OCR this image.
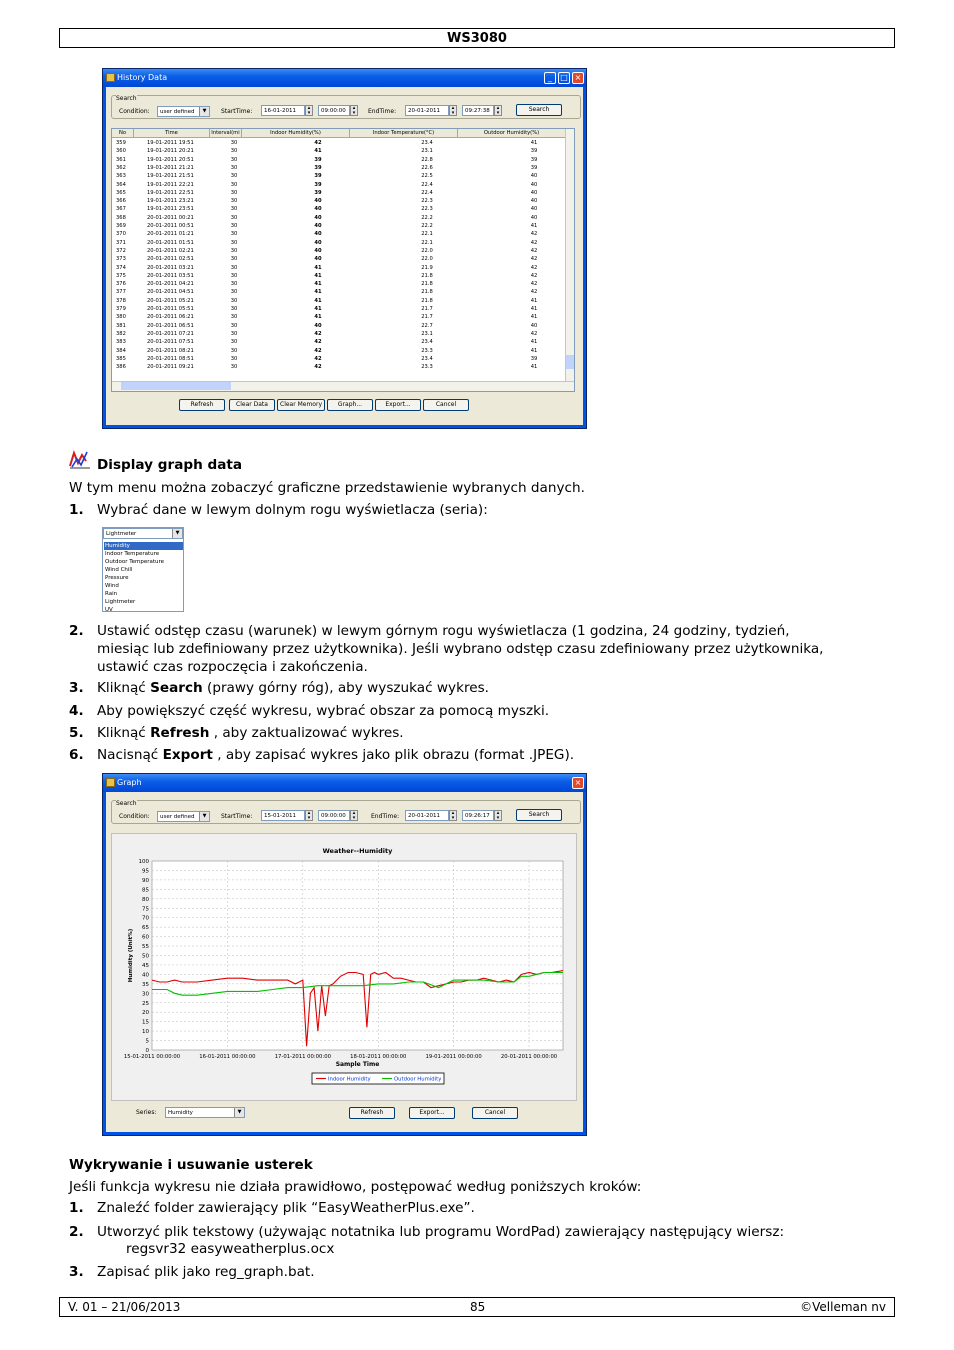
WS3080
History Data	_	□ ×
Search
Condition: user defined	▼	StartTime: 16-01-2011	▴
▾	09:00:00	▴
▾	EndTime: 20-01-2011	▴
▾	09:27:38	▴
▾	Search
No	Time	Interval(mi	Indoor Humidity(%)	Indoor Temperature(°C)	Outdoor Humidity(%)
359	19-01-2011 19:51	30	42	23.4	41
360	19-01-2011 20:21	30	41	23.1	39
361	19-01-2011 20:51	30	39	22.8	39
362	19-01-2011 21:21	30	39	22.6	39
363	19-01-2011 21:51	30	39	22.5	40
364	19-01-2011 22:21	30	39	22.4	40
365	19-01-2011 22:51	30	39	22.4	40
366	19-01-2011 23:21	30	40	22.3	40
367	19-01-2011 23:51	30	40	22.3	40
368	20-01-2011 00:21	30	40	22.2	40
369	20-01-2011 00:51	30	40	22.2	41
370	20-01-2011 01:21	30	40	22.1	42
371	20-01-2011 01:51	30	40	22.1	42
372	20-01-2011 02:21	30	40	22.0	42
373	20-01-2011 02:51	30	40	22.0	42
374	20-01-2011 03:21	30	41	21.9	42
375	20-01-2011 03:51	30	41	21.8	42
376	20-01-2011 04:21	30	41	21.8	42
377	20-01-2011 04:51	30	41	21.8	42
378	20-01-2011 05:21	30	41	21.8	41
379	20-01-2011 05:51	30	41	21.7	41
380	20-01-2011 06:21	30	41	21.7	41
381	20-01-2011 06:51	30	40	22.7	40
382	20-01-2011 07:21	30	42	23.1	42
383	20-01-2011 07:51	30	42	23.4	41
384	20-01-2011 08:21	30	42	23.3	41
385	20-01-2011 08:51	30	42	23.4	39
386	20-01-2011 09:21	30	42	23.3	41
Refresh	Clear Data	Clear Memory	Graph...	Export...	Cancel
Display graph data
W tym menu można zobaczyć graficzne przedstawienie wybranych danych.
1. Wybrać dane w lewym dolnym rogu wyświetlacza (seria):
Lightmeter	▼
Humidity
Indoor Temperature
Outdoor Temperature
Wind Chill
Pressure
Wind
Rain
Lightmeter
UV
2. Ustawić odstęp czasu (warunek) w lewym górnym rogu wyświetlacza (1 godzina, 24 godziny, tydzień,
miesiąc lub zdefiniowany przez użytkownika). Jeśli wybrano odstęp czasu zdefiniowany przez użytkownika,
ustawić czas rozpoczęcia i zakończenia.
3. Kliknąć Search (prawy górny róg), aby wyszukać wykres.
4. Aby powiększyć część wykresu, wybrać obszar za pomocą myszki.
5. Kliknąć Refresh , aby zaktualizować wykres.
6. Nacisnąć Export , aby zapisać wykres jako plik obrazu (format .JPEG).
Graph	×
Search
Condition: user defined	▼	StartTime: 15-01-2011	▴
▾	09:00:00	▴
▾	EndTime: 20-01-2011	▴
▾	09:26:17	▴
▾	Search
0
5
10
15
20
25
30
35
40
45
50
55
60
65
70
75
80
85
90
95
100
15-01-2011 00:00:00	16-01-2011 00:00:00	17-01-2011 00:00:00	18-01-2011 00:00:00	19-01-2011 00:00:00	20-01-2011 00:00:00
Weather--Humidity
Sample Time
Humidity (Unit%)
Indoor Humidity	Outdoor Humidity
Series: Humidity	▼	Refresh	Export...	Cancel
Wykrywanie i usuwanie usterek
Jeśli funkcja wykresu nie działa prawidłowo, postępować według poniższych kroków:
1. Znaleźć folder zawierający plik “EasyWeatherPlus.exe”.
2. Utworzyć plik tekstowy (używając notatnika lub programu WordPad) zawierający następujący wiersz:
regsvr32 easyweatherplus.ocx
3. Zapisać plik jako reg_graph.bat.
V. 01 – 21/06/2013	85	©Velleman nv
